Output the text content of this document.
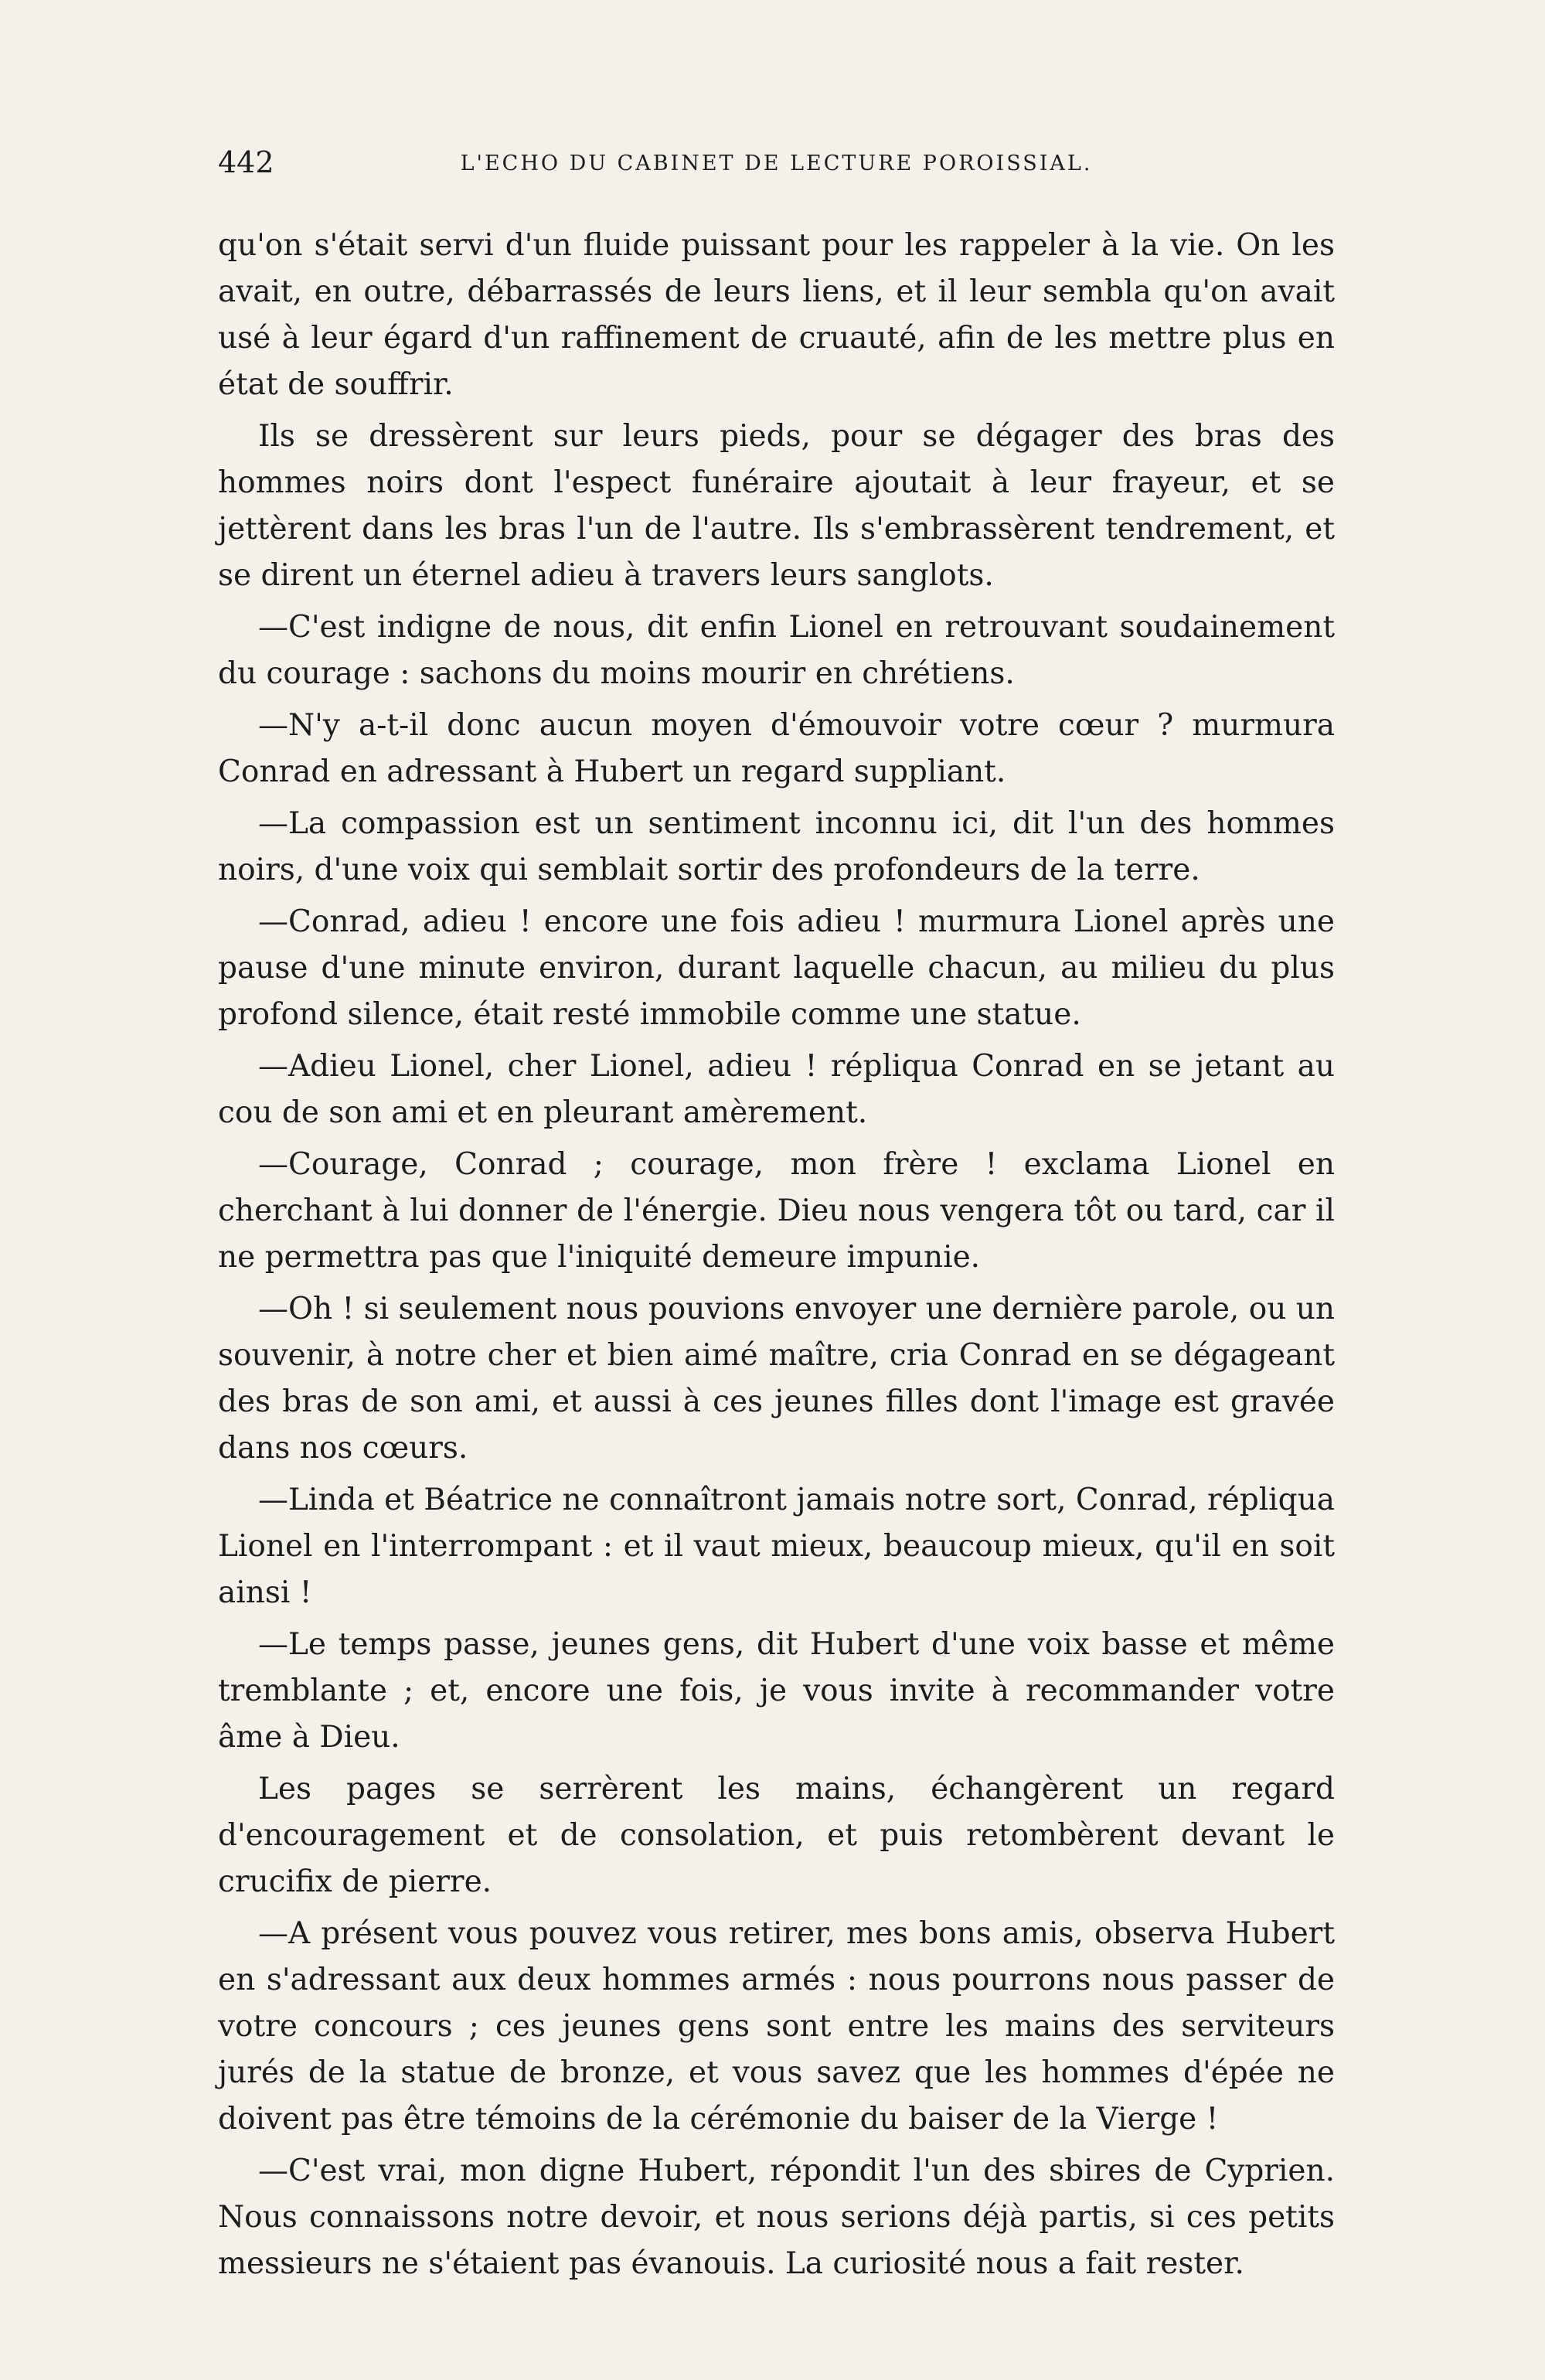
442	L'ECHO DU CABINET DE LECTURE POROISSIAL.

qu'on s'était servi d'un fluide puissant pour les rappeler à la vie. On les avait, en outre, débarrassés de leurs liens, et il leur sembla qu'on avait usé à leur égard d'un raffinement de cruauté, afin de les mettre plus en état de souffrir.

Ils se dressèrent sur leurs pieds, pour se dégager des bras des hommes noirs dont l'espect funéraire ajoutait à leur frayeur, et se jettèrent dans les bras l'un de l'autre. Ils s'embrassèrent tendrement, et se dirent un éternel adieu à travers leurs sanglots.

—C'est indigne de nous, dit enfin Lionel en retrouvant soudainement du courage : sachons du moins mourir en chrétiens.

—N'y a-t-il donc aucun moyen d'émouvoir votre cœur ? murmura Conrad en adressant à Hubert un regard suppliant.

—La compassion est un sentiment inconnu ici, dit l'un des hommes noirs, d'une voix qui semblait sortir des profondeurs de la terre.

—Conrad, adieu ! encore une fois adieu ! murmura Lionel après une pause d'une minute environ, durant laquelle chacun, au milieu du plus profond silence, était resté immobile comme une statue.

—Adieu Lionel, cher Lionel, adieu ! répliqua Conrad en se jetant au cou de son ami et en pleurant amèrement.

—Courage, Conrad ; courage, mon frère ! exclama Lionel en cherchant à lui donner de l'énergie. Dieu nous vengera tôt ou tard, car il ne permettra pas que l'iniquité demeure impunie.

—Oh ! si seulement nous pouvions envoyer une dernière parole, ou un souvenir, à notre cher et bien aimé maître, cria Conrad en se dégageant des bras de son ami, et aussi à ces jeunes filles dont l'image est gravée dans nos cœurs.

—Linda et Béatrice ne connaîtront jamais notre sort, Conrad, répliqua Lionel en l'interrompant : et il vaut mieux, beaucoup mieux, qu'il en soit ainsi !

—Le temps passe, jeunes gens, dit Hubert d'une voix basse et même tremblante ; et, encore une fois, je vous invite à recommander votre âme à Dieu.

Les pages se serrèrent les mains, échangèrent un regard d'encouragement et de consolation, et puis retombèrent devant le crucifix de pierre.

—A présent vous pouvez vous retirer, mes bons amis, observa Hubert en s'adressant aux deux hommes armés : nous pourrons nous passer de votre concours ; ces jeunes gens sont entre les mains des serviteurs jurés de la statue de bronze, et vous savez que les hommes d'épée ne doivent pas être témoins de la cérémonie du baiser de la Vierge !

—C'est vrai, mon digne Hubert, répondit l'un des sbires de Cyprien. Nous connaissons notre devoir, et nous serions déjà partis, si ces petits messieurs ne s'étaient pas évanouis. La curiosité nous a fait rester.
